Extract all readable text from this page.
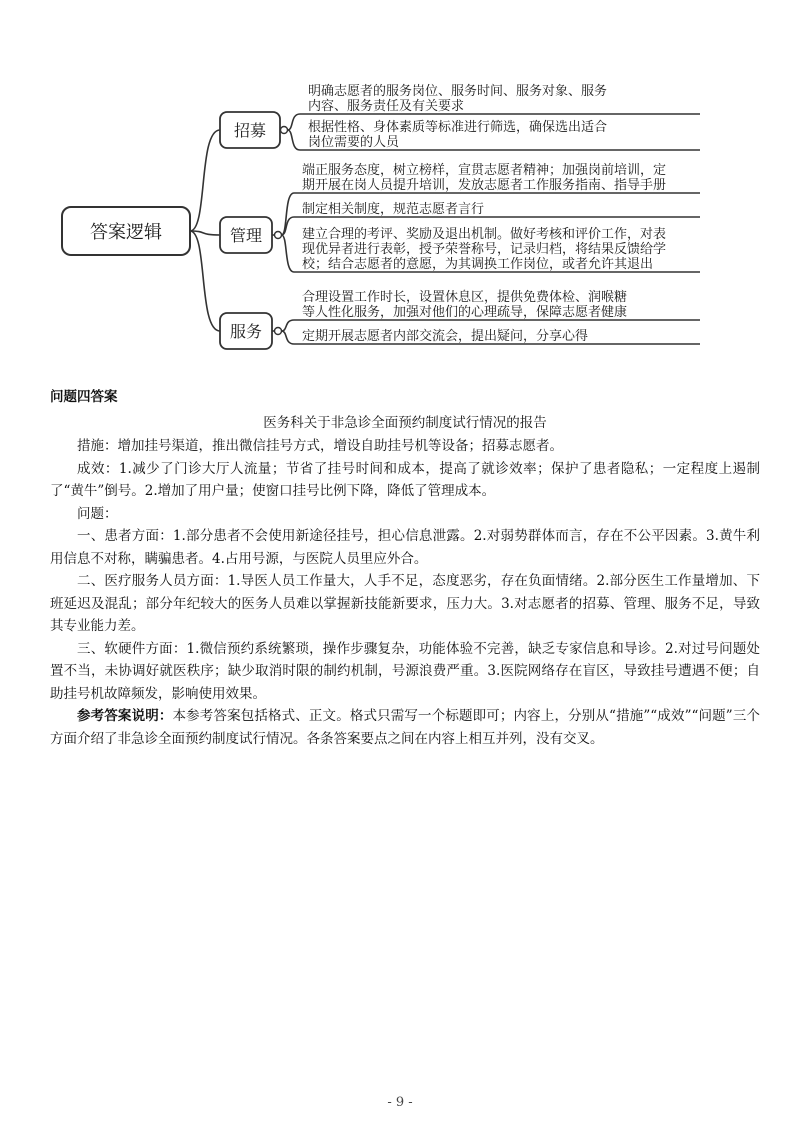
答案逻辑
招募
明确志愿者的服务岗位、服务时间、服务对象、服务
内容、服务责任及有关要求
根据性格、身体素质等标准进行筛选，确保选出适合
岗位需要的人员
管理
端正服务态度，树立榜样，宣贯志愿者精神；加强岗前培训，定
期开展在岗人员提升培训，发放志愿者工作服务指南、指导手册
制定相关制度，规范志愿者言行
建立合理的考评、奖励及退出机制。做好考核和评价工作，对表
现优异者进行表彰，授予荣誉称号，记录归档，将结果反馈给学
校；结合志愿者的意愿，为其调换工作岗位，或者允许其退出
服务
合理设置工作时长，设置休息区，提供免费体检、润喉糖
等人性化服务，加强对他们的心理疏导，保障志愿者健康
定期开展志愿者内部交流会，提出疑问，分享心得

问题四答案

医务科关于非急诊全面预约制度试行情况的报告

措施：增加挂号渠道，推出微信挂号方式，增设自助挂号机等设备；招募志愿者。

成效：1.减少了门诊大厅人流量；节省了挂号时间和成本，提高了就诊效率；保护了患者隐私；一定程度上遏制了“黄牛”倒号。2.增加了用户量；使窗口挂号比例下降，降低了管理成本。

问题：

一、患者方面：1.部分患者不会使用新途径挂号，担心信息泄露。2.对弱势群体而言，存在不公平因素。3.黄牛利用信息不对称，瞒骗患者。4.占用号源，与医院人员里应外合。

二、医疗服务人员方面：1.导医人员工作量大，人手不足，态度恶劣，存在负面情绪。2.部分医生工作量增加、下班延迟及混乱；部分年纪较大的医务人员难以掌握新技能新要求，压力大。3.对志愿者的招募、管理、服务不足，导致其专业能力差。

三、软硬件方面：1.微信预约系统繁琐，操作步骤复杂，功能体验不完善，缺乏专家信息和导诊。2.对过号问题处置不当，未协调好就医秩序；缺少取消时限的制约机制，号源浪费严重。3.医院网络存在盲区，导致挂号遭遇不便；自助挂号机故障频发，影响使用效果。

参考答案说明：本参考答案包括格式、正文。格式只需写一个标题即可；内容上，分别从“措施”“成效”“问题”三个方面介绍了非急诊全面预约制度试行情况。各条答案要点之间在内容上相互并列，没有交叉。

- 9 -
